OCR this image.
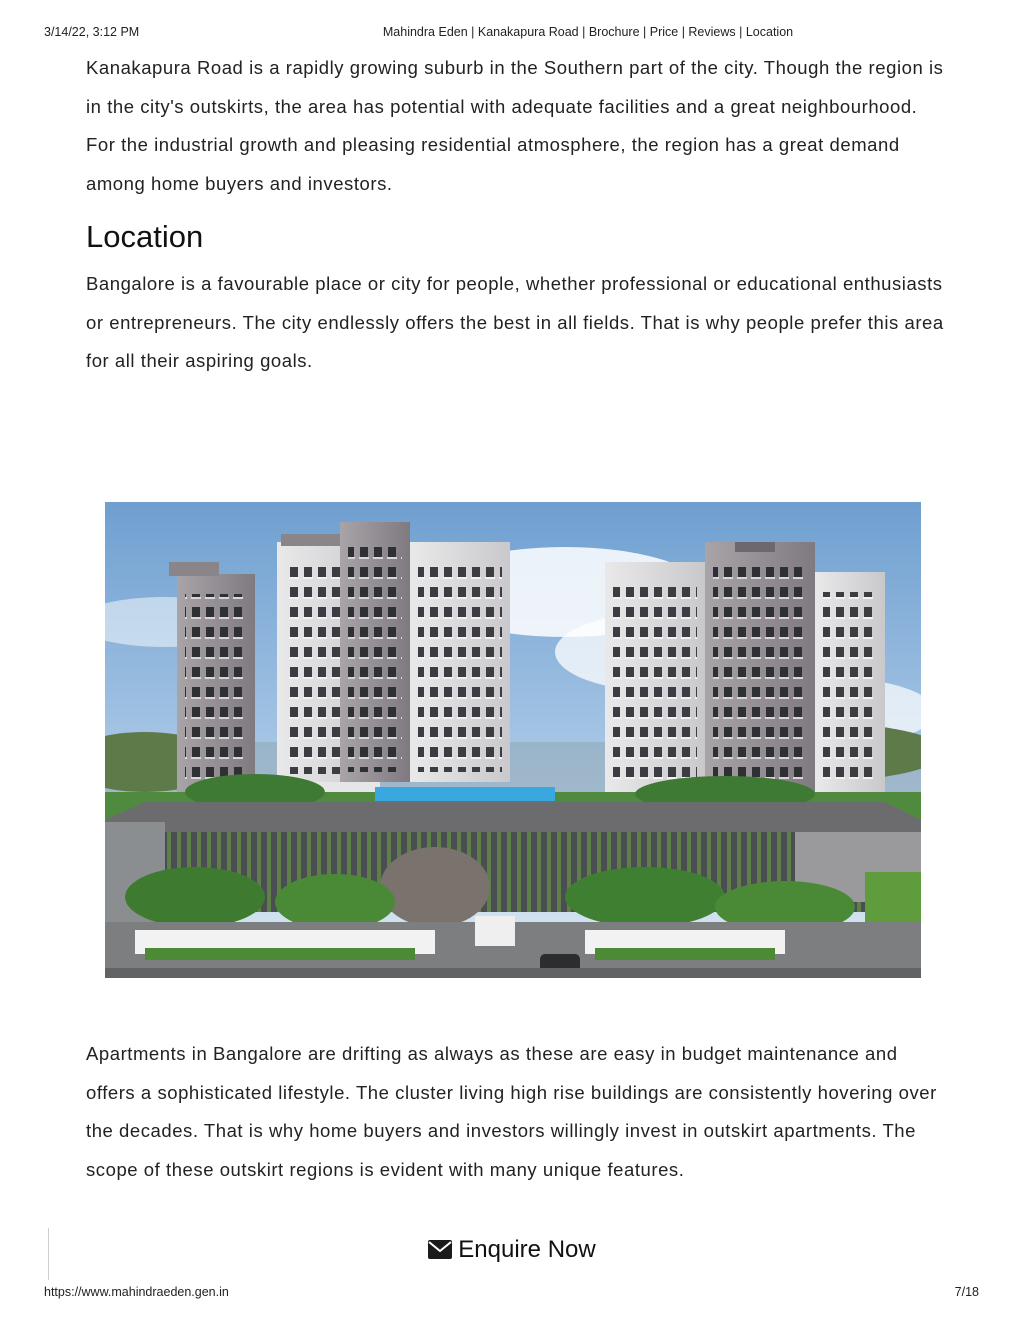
3/14/22, 3:12 PM	Mahindra Eden | Kanakapura Road | Brochure | Price | Reviews | Location

Kanakapura Road is a rapidly growing suburb in the Southern part of the city. Though the region is in the city's outskirts, the area has potential with adequate facilities and a great neighbourhood. For the industrial growth and pleasing residential atmosphere, the region has a great demand among home buyers and investors.

Location

Bangalore is a favourable place or city for people, whether professional or educational enthusiasts or entrepreneurs. The city endlessly offers the best in all fields. That is why people prefer this area for all their aspiring goals.

Apartments in Bangalore are drifting as always as these are easy in budget maintenance and offers a sophisticated lifestyle. The cluster living high rise buildings are consistently hovering over the decades. That is why home buyers and investors willingly invest in outskirt apartments. The scope of these outskirt regions is evident with many unique features.

Enquire Now
https://www.mahindraeden.gen.in	7/18
